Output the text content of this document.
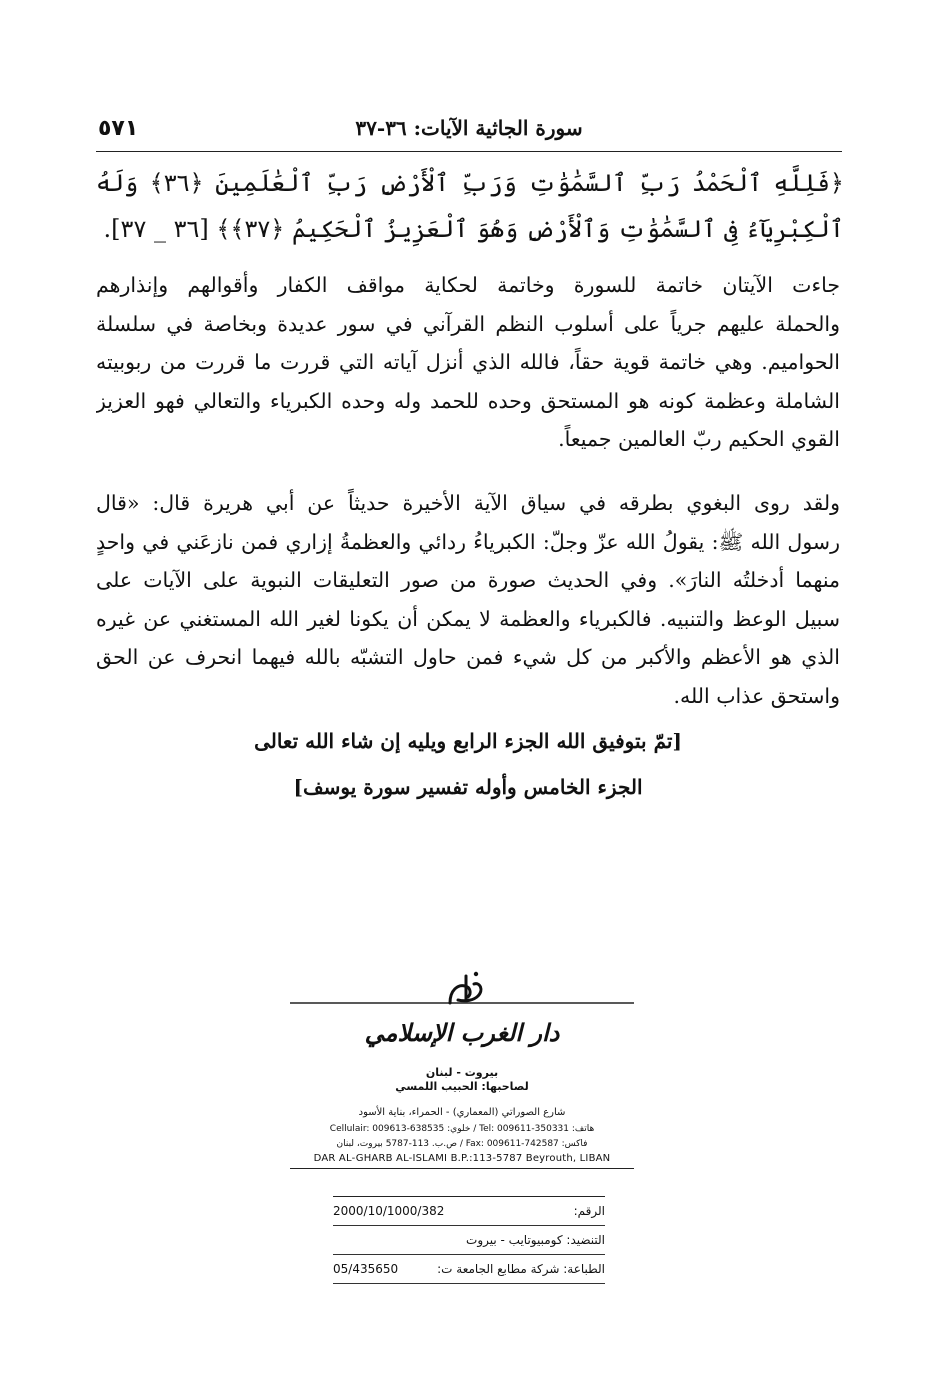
٥٧١	سورة الجاثية الآيات: ٣٦-٣٧
﴿فَلِلَّهِ ٱلْحَمْدُ رَبِّ ٱلسَّمَٰوَٰتِ وَرَبِّ ٱلْأَرْضِ رَبِّ ٱلْعَٰلَمِينَ ﴿٣٦﴾ وَلَهُ ٱلْكِبْرِيَآءُ فِى ٱلسَّمَٰوَٰتِ وَٱلْأَرْضِ وَهُوَ ٱلْعَزِيزُ ٱلْحَكِيمُ ﴿٣٧﴾﴾ [٣٦ _ ٣٧].
جاءت الآيتان خاتمة للسورة وخاتمة لحكاية مواقف الكفار وأقوالهم وإنذارهم
والحملة عليهم جرياً على أسلوب النظم القرآني في سور عديدة وبخاصة في سلسلة
الحواميم. وهي خاتمة قوية حقاً، فالله الذي أنزل آياته التي قررت ما قررت من ربوبيته
الشاملة وعظمة كونه هو المستحق وحده للحمد وله وحده الكبرياء والتعالي فهو العزيز
القوي الحكيم ربّ العالمين جميعاً.
ولقد روى البغوي بطرقه في سياق الآية الأخيرة حديثاً عن أبي هريرة قال: «قال
رسول الله ﷺ: يقولُ الله عزّ وجلّ: الكبرياءُ ردائي والعظمةُ إزاري فمن نازعَني في واحدٍ
منهما أدخلتُه النارَ». وفي الحديث صورة من صور التعليقات النبوية على الآيات على
سبيل الوعظ والتنبيه. فالكبرياء والعظمة لا يمكن أن يكونا لغير الله المستغني عن غيره
الذي هو الأعظم والأكبر من كل شيء فمن حاول التشبّه بالله فيهما انحرف عن الحق
واستحق عذاب الله.
[تمّ بتوفيق الله الجزء الرابع ويليه إن شاء الله تعالى
الجزء الخامس وأوله تفسير سورة يوسف]
دار الغرب الإسلامي
بيروت - لبنان
لصاحبها: الحبيب اللمسي
شارع الصوراتي (المعماري) - الحمراء، بناية الأسود
هاتف: Tel: 009611-350331 / خلوي: Cellulair: 009613-638535
فاكس: Fax: 009611-742587 / ص.ب. 113-5787 بيروت، لبنان
DAR AL-GHARB AL-ISLAMI B.P.:113-5787 Beyrouth, LIBAN
الرقم:
2000/10/1000/382
التنضيد: كومبيوتايب - بيروت
الطباعة: شركة مطابع الجامعة ت:
05/435650
